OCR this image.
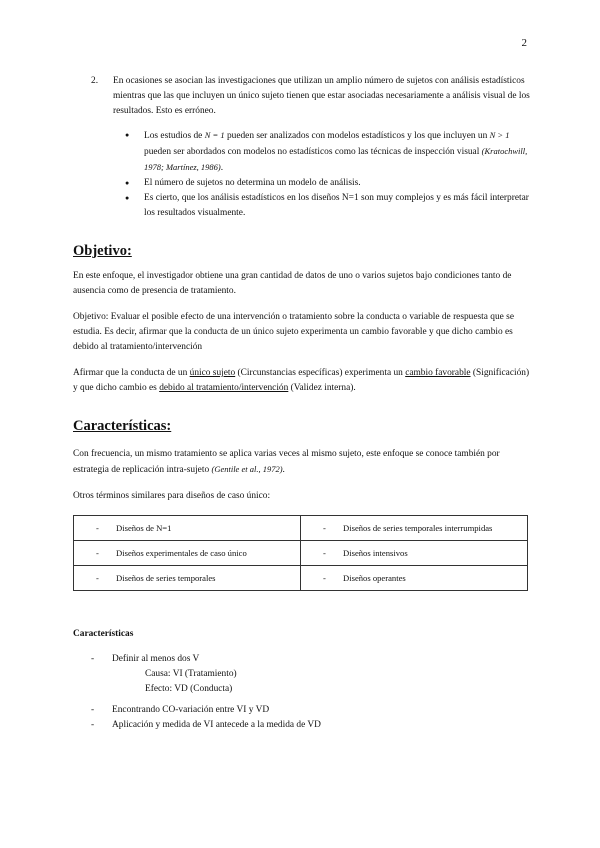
2
2.	En ocasiones se asocian las investigaciones que utilizan un amplio número de sujetos con análisis estadísticos mientras que las que incluyen un único sujeto tienen que estar asociadas necesariamente a análisis visual de los resultados. Esto es erróneo.
● Los estudios de N = 1 pueden ser analizados con modelos estadísticos y los que incluyen un N > 1 pueden ser abordados con modelos no estadísticos como las técnicas de inspección visual (Kratochwill, 1978; Martínez, 1986).
● El número de sujetos no determina un modelo de análisis.
● Es cierto, que los análisis estadísticos en los diseños N=1 son muy complejos y es más fácil interpretar los resultados visualmente.
Objetivo:

En este enfoque, el investigador obtiene una gran cantidad de datos de uno o varios sujetos bajo condiciones tanto de ausencia como de presencia de tratamiento.

Objetivo: Evaluar el posible efecto de una intervención o tratamiento sobre la conducta o variable de respuesta que se estudia. Es decir, afirmar que la conducta de un único sujeto experimenta un cambio favorable y que dicho cambio es debido al tratamiento/intervención

Afirmar que la conducta de un único sujeto (Circunstancias específicas) experimenta un cambio favorable (Significación) y que dicho cambio es debido al tratamiento/intervención (Validez interna).

Características:

Con frecuencia, un mismo tratamiento se aplica varias veces al mismo sujeto, este enfoque se conoce también por estrategia de replicación intra-sujeto (Gentile et al., 1972).

Otros términos similares para diseños de caso único:

- Diseños de N=1	- Diseños de series temporales interrumpidas
- Diseños experimentales de caso único	- Diseños intensivos
- Diseños de series temporales	- Diseños operantes
Características
-	Definir al menos dos V
Causa: VI (Tratamiento)
Efecto: VD (Conducta)
-	Encontrando CO-variación entre VI y VD
-	Aplicación y medida de VI antecede a la medida de VD
